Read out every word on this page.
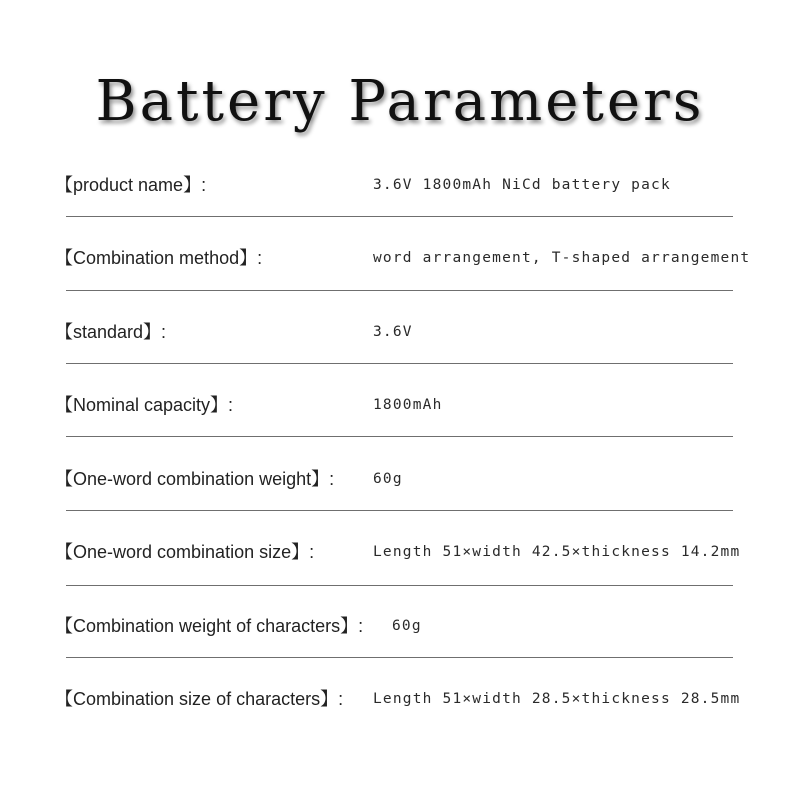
Battery Parameters
【product name】:	3.6V 1800mAh NiCd battery pack
【Combination method】:	word arrangement, T-shaped arrangement
【standard】:	3.6V
【Nominal capacity】:	1800mAh
【One-word combination weight】:	60g
【One-word combination size】:	Length 51×width 42.5×thickness 14.2mm
【Combination weight of characters】: 60g
【Combination size of characters】: Length 51×width 28.5×thickness 28.5mm
